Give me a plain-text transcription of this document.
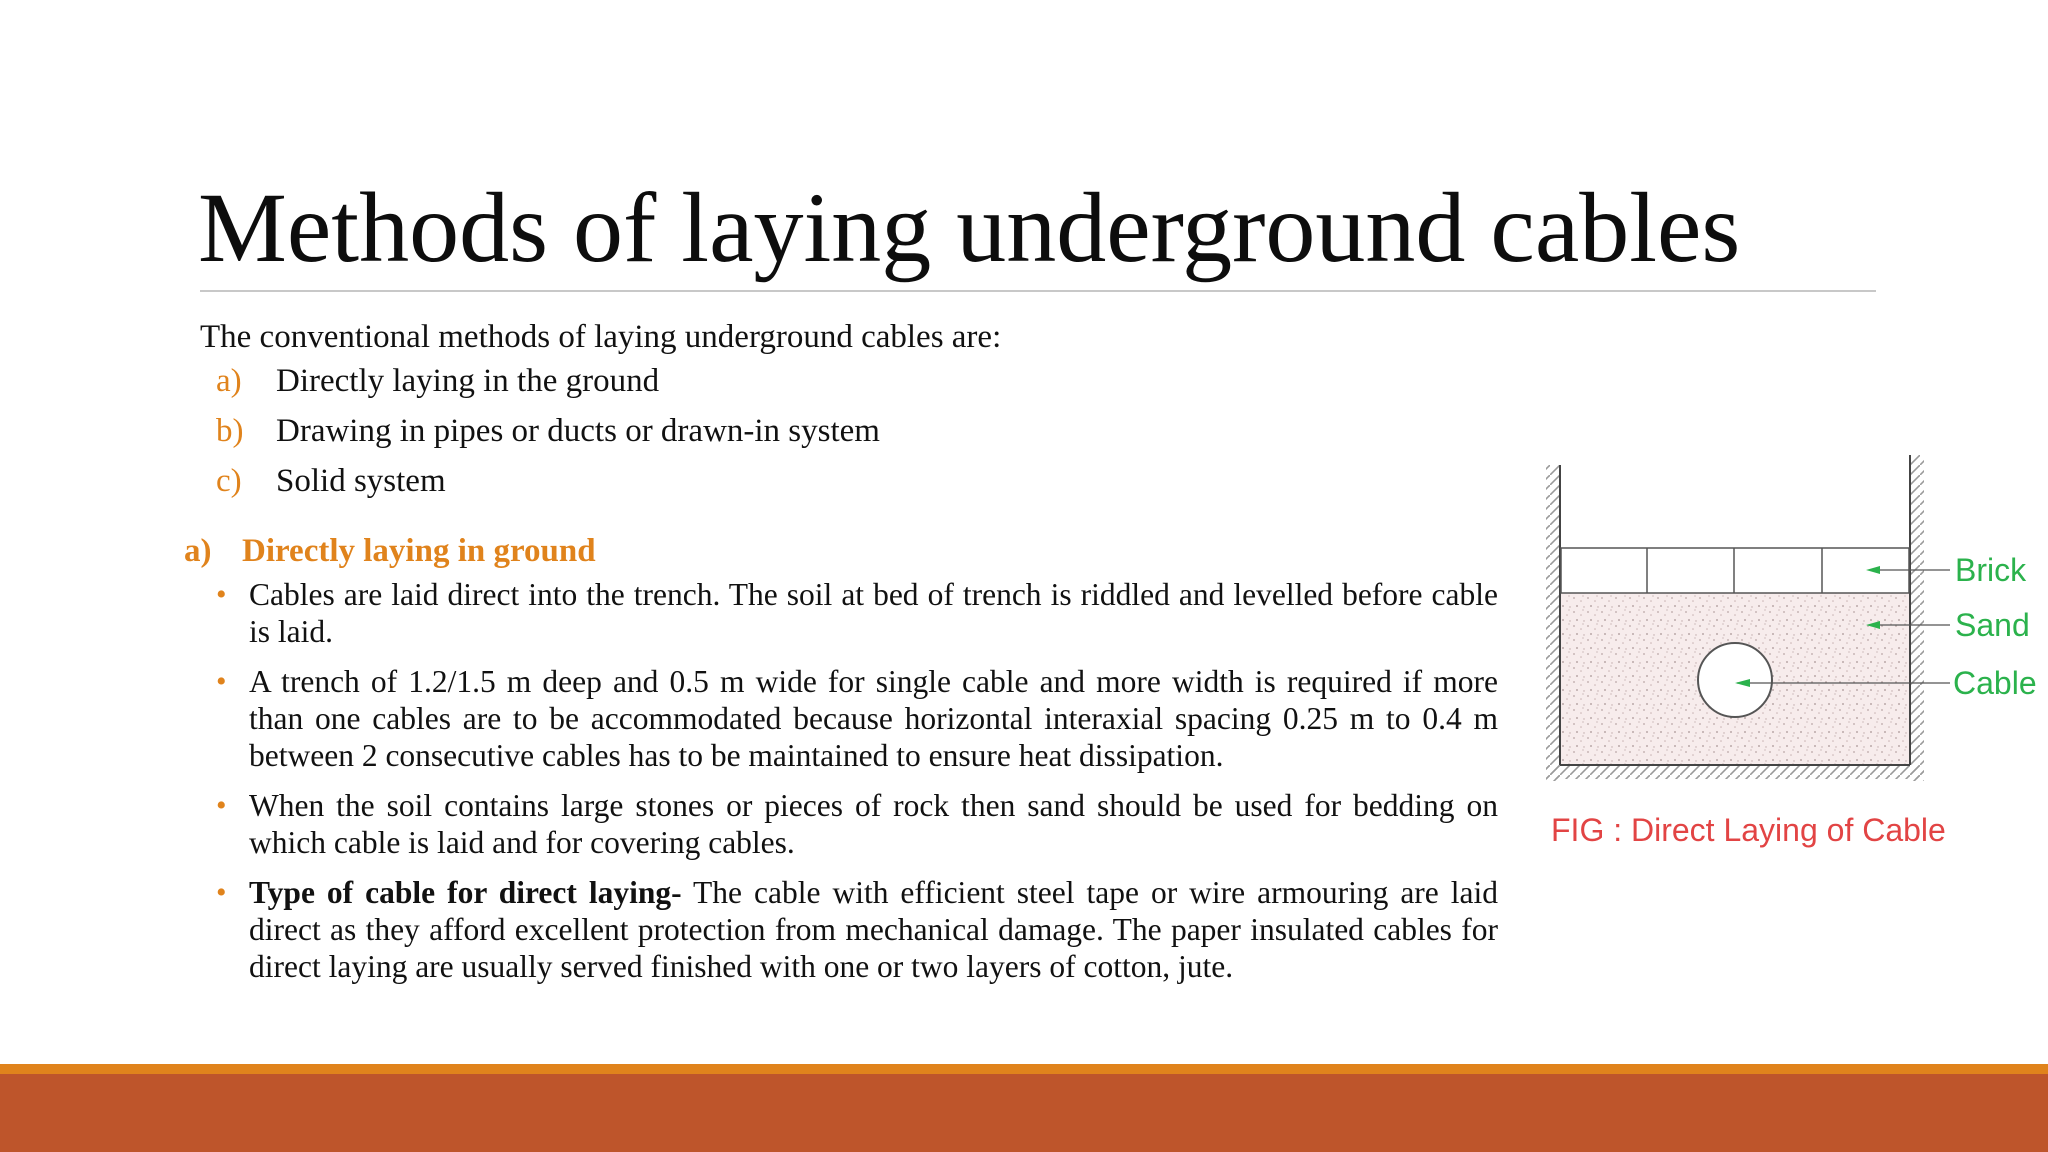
Methods of laying underground cables
The conventional methods of laying underground cables are:
a) Directly laying in the ground
b) Drawing in pipes or ducts or drawn-in system
c) Solid system
a) Directly laying in ground
• Cables are laid direct into the trench. The soil at bed of trench is riddled and levelled before cable is laid.
• A trench of 1.2/1.5 m deep and 0.5 m wide for single cable and more width is required if more than one cables are to be accommodated because horizontal interaxial spacing 0.25 m to 0.4 m between 2 consecutive cables has to be maintained to ensure heat dissipation.
• When the soil contains large stones or pieces of rock then sand should be used for bedding on which cable is laid and for covering cables.
• Type of cable for direct laying- The cable with efficient steel tape or wire armouring are laid direct as they afford excellent protection from mechanical damage. The paper insulated cables for direct laying are usually served finished with one or two layers of cotton, jute.
Brick
Sand
Cable
FIG : Direct Laying of Cable
